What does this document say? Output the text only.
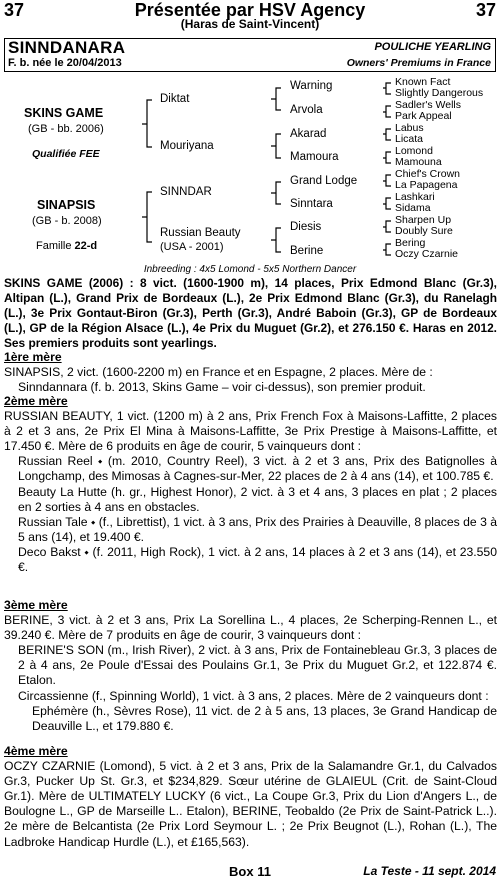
37	Présentée par HSV Agency	37
(Haras de Saint-Vincent)
SINNDANARA	POULICHE YEARLING
F. b. née le 20/04/2013	Owners' Premiums in France
SKINS GAME
(GB - bb. 2006)
Qualifiée FEE
SINAPSIS
(GB - b. 2008)
Famille 22-d
Diktat
Mouriyana
SINNDAR
Russian Beauty
(USA - 2001)
Warning
Arvola
Akarad
Mamoura
Grand Lodge
Sinntara
Diesis
Berine
Known Fact
Slightly Dangerous
Sadler's Wells
Park Appeal
Labus
Licata
Lomond
Mamouna
Chief's Crown
La Papagena
Lashkari
Sidama
Sharpen Up
Doubly Sure
Bering
Oczy Czarnie
Inbreeding : 4x5 Lomond - 5x5 Northern Dancer
SKINS GAME (2006) : 8 vict. (1600-1900 m), 14 places, Prix Edmond Blanc (Gr.3), Altipan (L.), Grand Prix de Bordeaux (L.), 2e Prix Edmond Blanc (Gr.3), du Ranelagh (L.), 3e Prix Gontaut-Biron (Gr.3), Perth (Gr.3), André Baboin (Gr.3), GP de Bordeaux (L.), GP de la Région Alsace (L.), 4e Prix du Muguet (Gr.2), et 276.150 €. Haras en 2012. Ses premiers produits sont yearlings.

1ère mère

SINAPSIS, 2 vict. (1600-2200 m) en France et en Espagne, 2 places. Mère de :

Sinndannara (f. b. 2013, Skins Game – voir ci-dessus), son premier produit.

2ème mère

RUSSIAN BEAUTY, 1 vict. (1200 m) à 2 ans, Prix French Fox à Maisons-Laffitte, 2 places à 2 et 3 ans, 2e Prix El Mina à Maisons-Laffitte, 3e Prix Prestige à Maisons-Laffitte, et 17.450 €. Mère de 6 produits en âge de courir, 5 vainqueurs dont :

Russian Reel ⬩ (m. 2010, Country Reel), 3 vict. à 2 et 3 ans, Prix des Batignolles à Longchamp, des Mimosas à Cagnes-sur-Mer, 22 places de 2 à 4 ans (14), et 100.785 €.

Beauty La Hutte (h. gr., Highest Honor), 2 vict. à 3 et 4 ans, 3 places en plat ; 2 places en 2 sorties à 4 ans en obstacles.

Russian Tale ⬩ (f., Librettist), 1 vict. à 3 ans, Prix des Prairies à Deauville, 8 places de 3 à 5 ans (14), et 19.400 €.

Deco Bakst ⬩ (f. 2011, High Rock), 1 vict. à 2 ans, 14 places à 2 et 3 ans (14), et 23.550 €.

3ème mère

BERINE, 3 vict. à 2 et 3 ans, Prix La Sorellina L., 4 places, 2e Scherping-Rennen L., et 39.240 €. Mère de 7 produits en âge de courir, 3 vainqueurs dont :

BERINE'S SON (m., Irish River), 2 vict. à 3 ans, Prix de Fontainebleau Gr.3, 3 places de 2 à 4 ans, 2e Poule d'Essai des Poulains Gr.1, 3e Prix du Muguet Gr.2, et 122.874 €. Etalon.

Circassienne (f., Spinning World), 1 vict. à 3 ans, 2 places. Mère de 2 vainqueurs dont :

Ephémère (h., Sèvres Rose), 11 vict. de 2 à 5 ans, 13 places, 3e Grand Handicap de Deauville L., et 179.880 €.

4ème mère

OCZY CZARNIE (Lomond), 5 vict. à 2 et 3 ans, Prix de la Salamandre Gr.1, du Calvados Gr.3, Pucker Up St. Gr.3, et $234,829. Sœur utérine de GLAIEUL (Crit. de Saint-Cloud Gr.1). Mère de ULTIMATELY LUCKY (6 vict., La Coupe Gr.3, Prix du Lion d'Angers L., de Boulogne L., GP de Marseille L.. Etalon), BERINE, Teobaldo (2e Prix de Saint-Patrick L..). 2e mère de Belcantista (2e Prix Lord Seymour L. ; 2e Prix Beugnot (L.), Rohan (L.), The Ladbroke Handicap Hurdle (L.), et £165,563).

Box 11	La Teste - 11 sept. 2014
